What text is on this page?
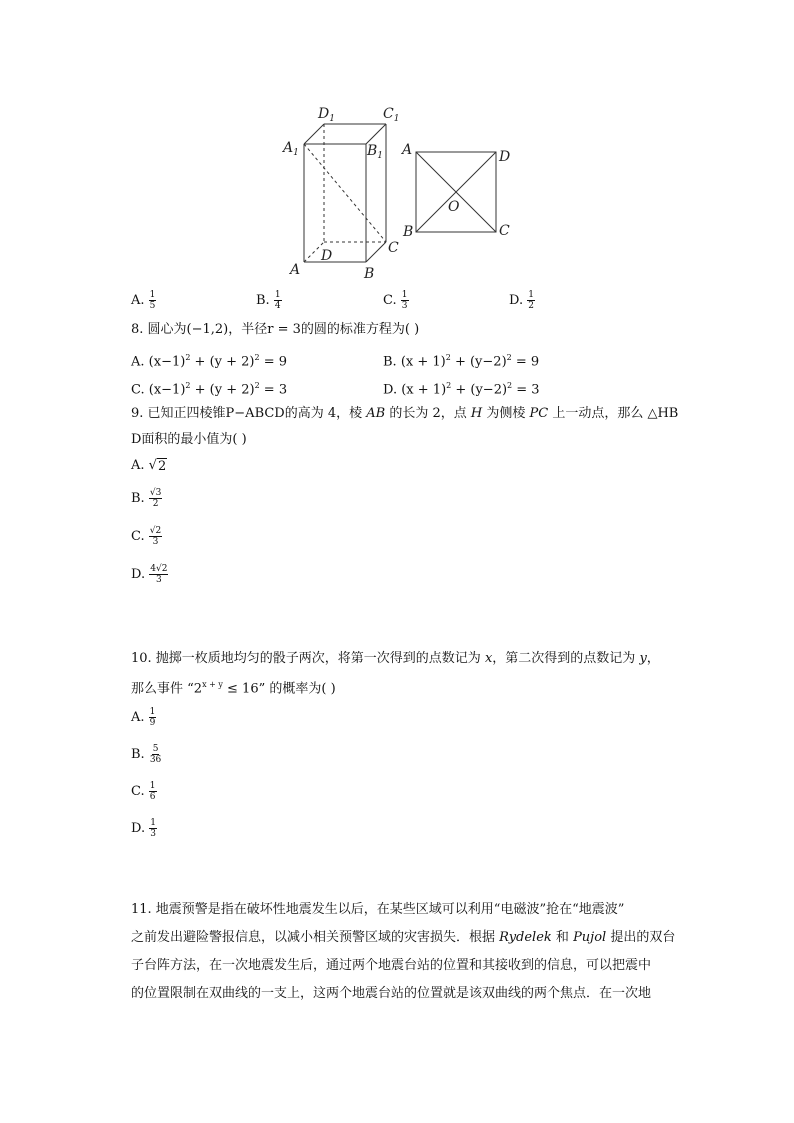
$D_1$	$C_1$
$A_1$	$B_1$
C
D
A	B
A	D
O
B	C
A. $\frac{1}{5}$	B. $\frac{1}{4}$	C. $\frac{1}{3}$	D. $\frac{1}{2}$
8. 圆心为(−1,2)，半径r = 3的圆的标准方程为( )
A. $(x-1)^2 + (y + 2)^2 = 9$	B. $(x + 1)^2 + (y-2)^2 = 9$
C. $(x-1)^2 + (y + 2)^2 = 3$	D. $(x + 1)^2 + (y-2)^2 = 3$
9. 已知正四棱锥P−ABCD的高为 4，棱 AB 的长为 2，点 H 为侧棱 PC 上一动点，那么 △HB
D面积的最小值为( )
A. √ 2
B. $\frac{√3}{2}$
C. $\frac{√2}{3}$
D. $\frac{4√2}{3}$
10. 抛掷一枚质地均匀的骰子两次，将第一次得到的点数记为 x，第二次得到的点数记为 y，
那么事件 “$2^{x + y} \le 16$” 的概率为( )
A. $\frac{1}{9}$
B. $\frac{5}{36}$
C. $\frac{1}{6}$
D. $\frac{1}{3}$
11. 地震预警是指在破坏性地震发生以后，在某些区域可以利用“电磁波”抢在“地震波”
之前发出避险警报信息，以减小相关预警区域的灾害损失．根据 Rydelek 和 Pujol 提出的双台
子台阵方法，在一次地震发生后，通过两个地震台站的位置和其接收到的信息，可以把震中
的位置限制在双曲线的一支上，这两个地震台站的位置就是该双曲线的两个焦点．在一次地
